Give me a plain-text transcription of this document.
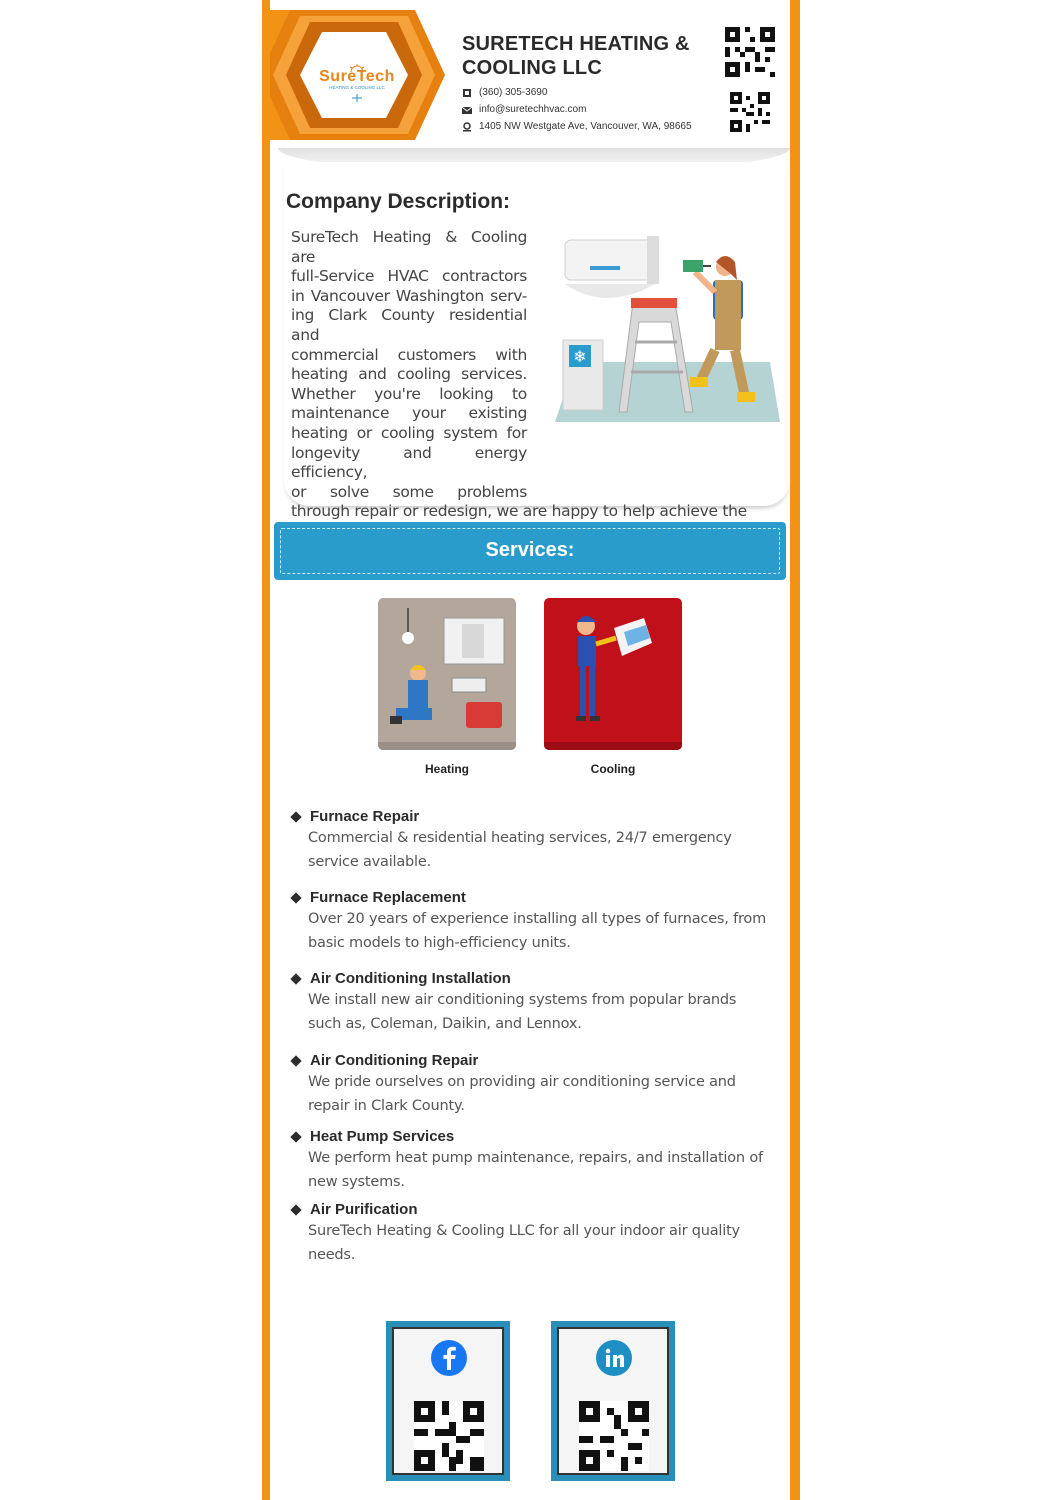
SureTech
HEATING & COOLING LLC
SURETECH HEATING & COOLING LLC
(360) 305-3690
info@suretechhvac.com
1405 NW Westgate Ave, Vancouver, WA, 98665
Company Description:
SureTech Heating & Cooling are
full-Service HVAC contractors
in Vancouver Washington serv-
ing Clark County residential and
commercial customers with
heating and cooling services.
Whether you're looking to
maintenance your existing
heating or cooling system for
longevity and energy efficiency,
or solve some problems
through repair or redesign, we are happy to help achieve the
❄
Services:
Heating	Cooling
Furnace Repair
Commercial & residential heating services, 24/7 emergency
service available.
Furnace Replacement
Over 20 years of experience installing all types of furnaces, from
basic models to high-efficiency units.
Air Conditioning Installation
We install new air conditioning systems from popular brands
such as, Coleman, Daikin, and Lennox.
Air Conditioning Repair
We pride ourselves on providing air conditioning service and
repair in Clark County.
Heat Pump Services
We perform heat pump maintenance, repairs, and installation of
new systems.
Air Purification
SureTech Heating & Cooling LLC for all your indoor air quality
needs.
